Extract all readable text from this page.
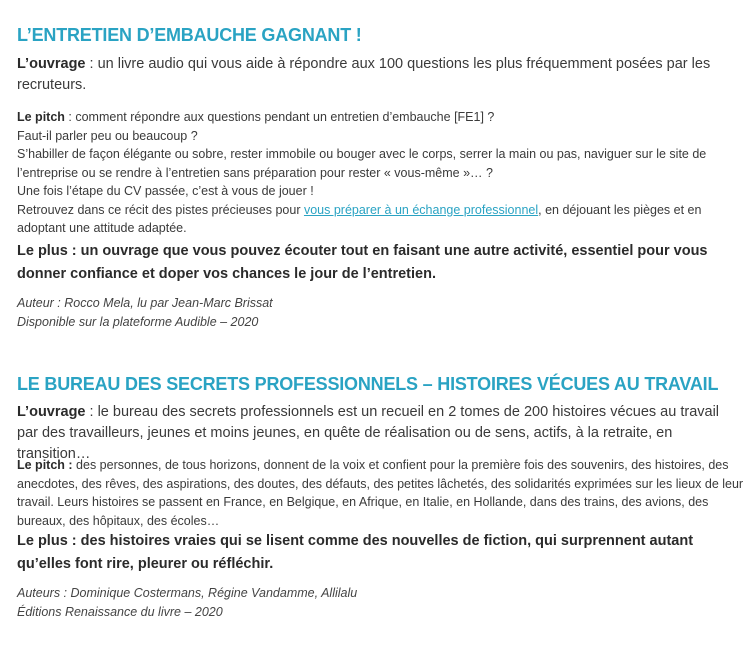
L’ENTRETIEN D’EMBAUCHE GAGNANT !

L’ouvrage : un livre audio qui vous aide à répondre aux 100 questions les plus fréquemment posées par les recruteurs.

Le pitch : comment répondre aux questions pendant un entretien d’embauche [FE1] ?

Faut-il parler peu ou beaucoup ?

S’habiller de façon élégante ou sobre, rester immobile ou bouger avec le corps, serrer la main ou pas, naviguer sur le site de l’entreprise ou se rendre à l’entretien sans préparation pour rester « vous-même »… ?

Une fois l’étape du CV passée, c’est à vous de jouer !

Retrouvez dans ce récit des pistes précieuses pour vous préparer à un échange professionnel, en déjouant les pièges et en adoptant une attitude adaptée.

Le plus : un ouvrage que vous pouvez écouter tout en faisant une autre activité, essentiel pour vous donner confiance et doper vos chances le jour de l’entretien.

Auteur : Rocco Mela, lu par Jean-Marc Brissat

Disponible sur la plateforme Audible – 2020

LE BUREAU DES SECRETS PROFESSIONNELS – HISTOIRES VÉCUES AU TRAVAIL

L’ouvrage : le bureau des secrets professionnels est un recueil en 2 tomes de 200 histoires vécues au travail par des travailleurs, jeunes et moins jeunes, en quête de réalisation ou de sens, actifs, à la retraite, en transition…

Le pitch : des personnes, de tous horizons, donnent de la voix et confient pour la première fois des souvenirs, des histoires, des anecdotes, des rêves, des aspirations, des doutes, des défauts, des petites lâchetés, des solidarités exprimées sur les lieux de leur travail. Leurs histoires se passent en France, en Belgique, en Afrique, en Italie, en Hollande, dans des trains, des avions, des bureaux, des hôpitaux, des écoles…

Le plus : des histoires vraies qui se lisent comme des nouvelles de fiction, qui surprennent autant qu’elles font rire, pleurer ou réfléchir.

Auteurs : Dominique Costermans, Régine Vandamme, Allilalu

Éditions Renaissance du livre – 2020
